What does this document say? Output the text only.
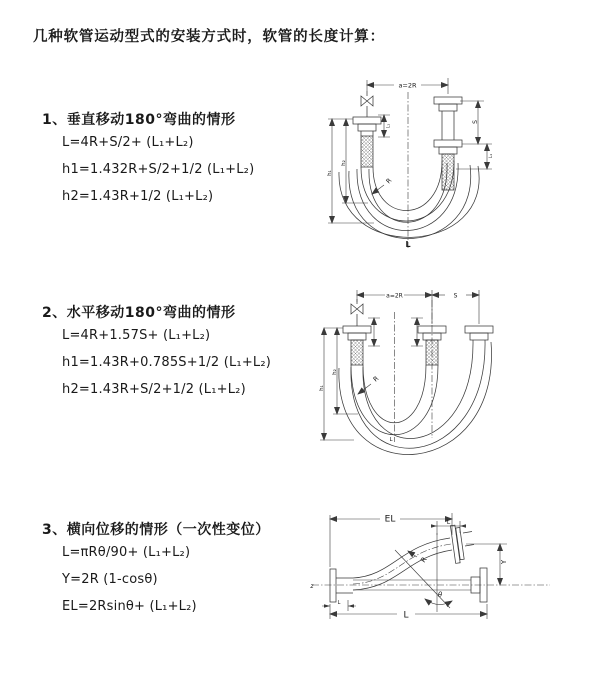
几种软管运动型式的安装方式时，软管的长度计算：
1、垂直移动180°弯曲的情形
L=4R+S/2+ (L₁+L₂)
h1=1.432R+S/2+1/2 (L₁+L₂)
h2=1.43R+1/2 (L₁+L₂)
2、水平移动180°弯曲的情形
L=4R+1.57S+ (L₁+L₂)
h1=1.43R+0.785S+1/2 (L₁+L₂)
h2=1.43R+S/2+1/2 (L₁+L₂)
3、横向位移的情形（一次性变位）
L=πRθ/90+ (L₁+L₂)
Y=2R (1-cosθ)
EL=2Rsinθ+ (L₁+L₂)
a=2R
S
L₁
L₁
h₂
h₁
R
L
a=2R	S
h₂
h₁
R
L
EL	L
Y
R
θ
L
L
z
